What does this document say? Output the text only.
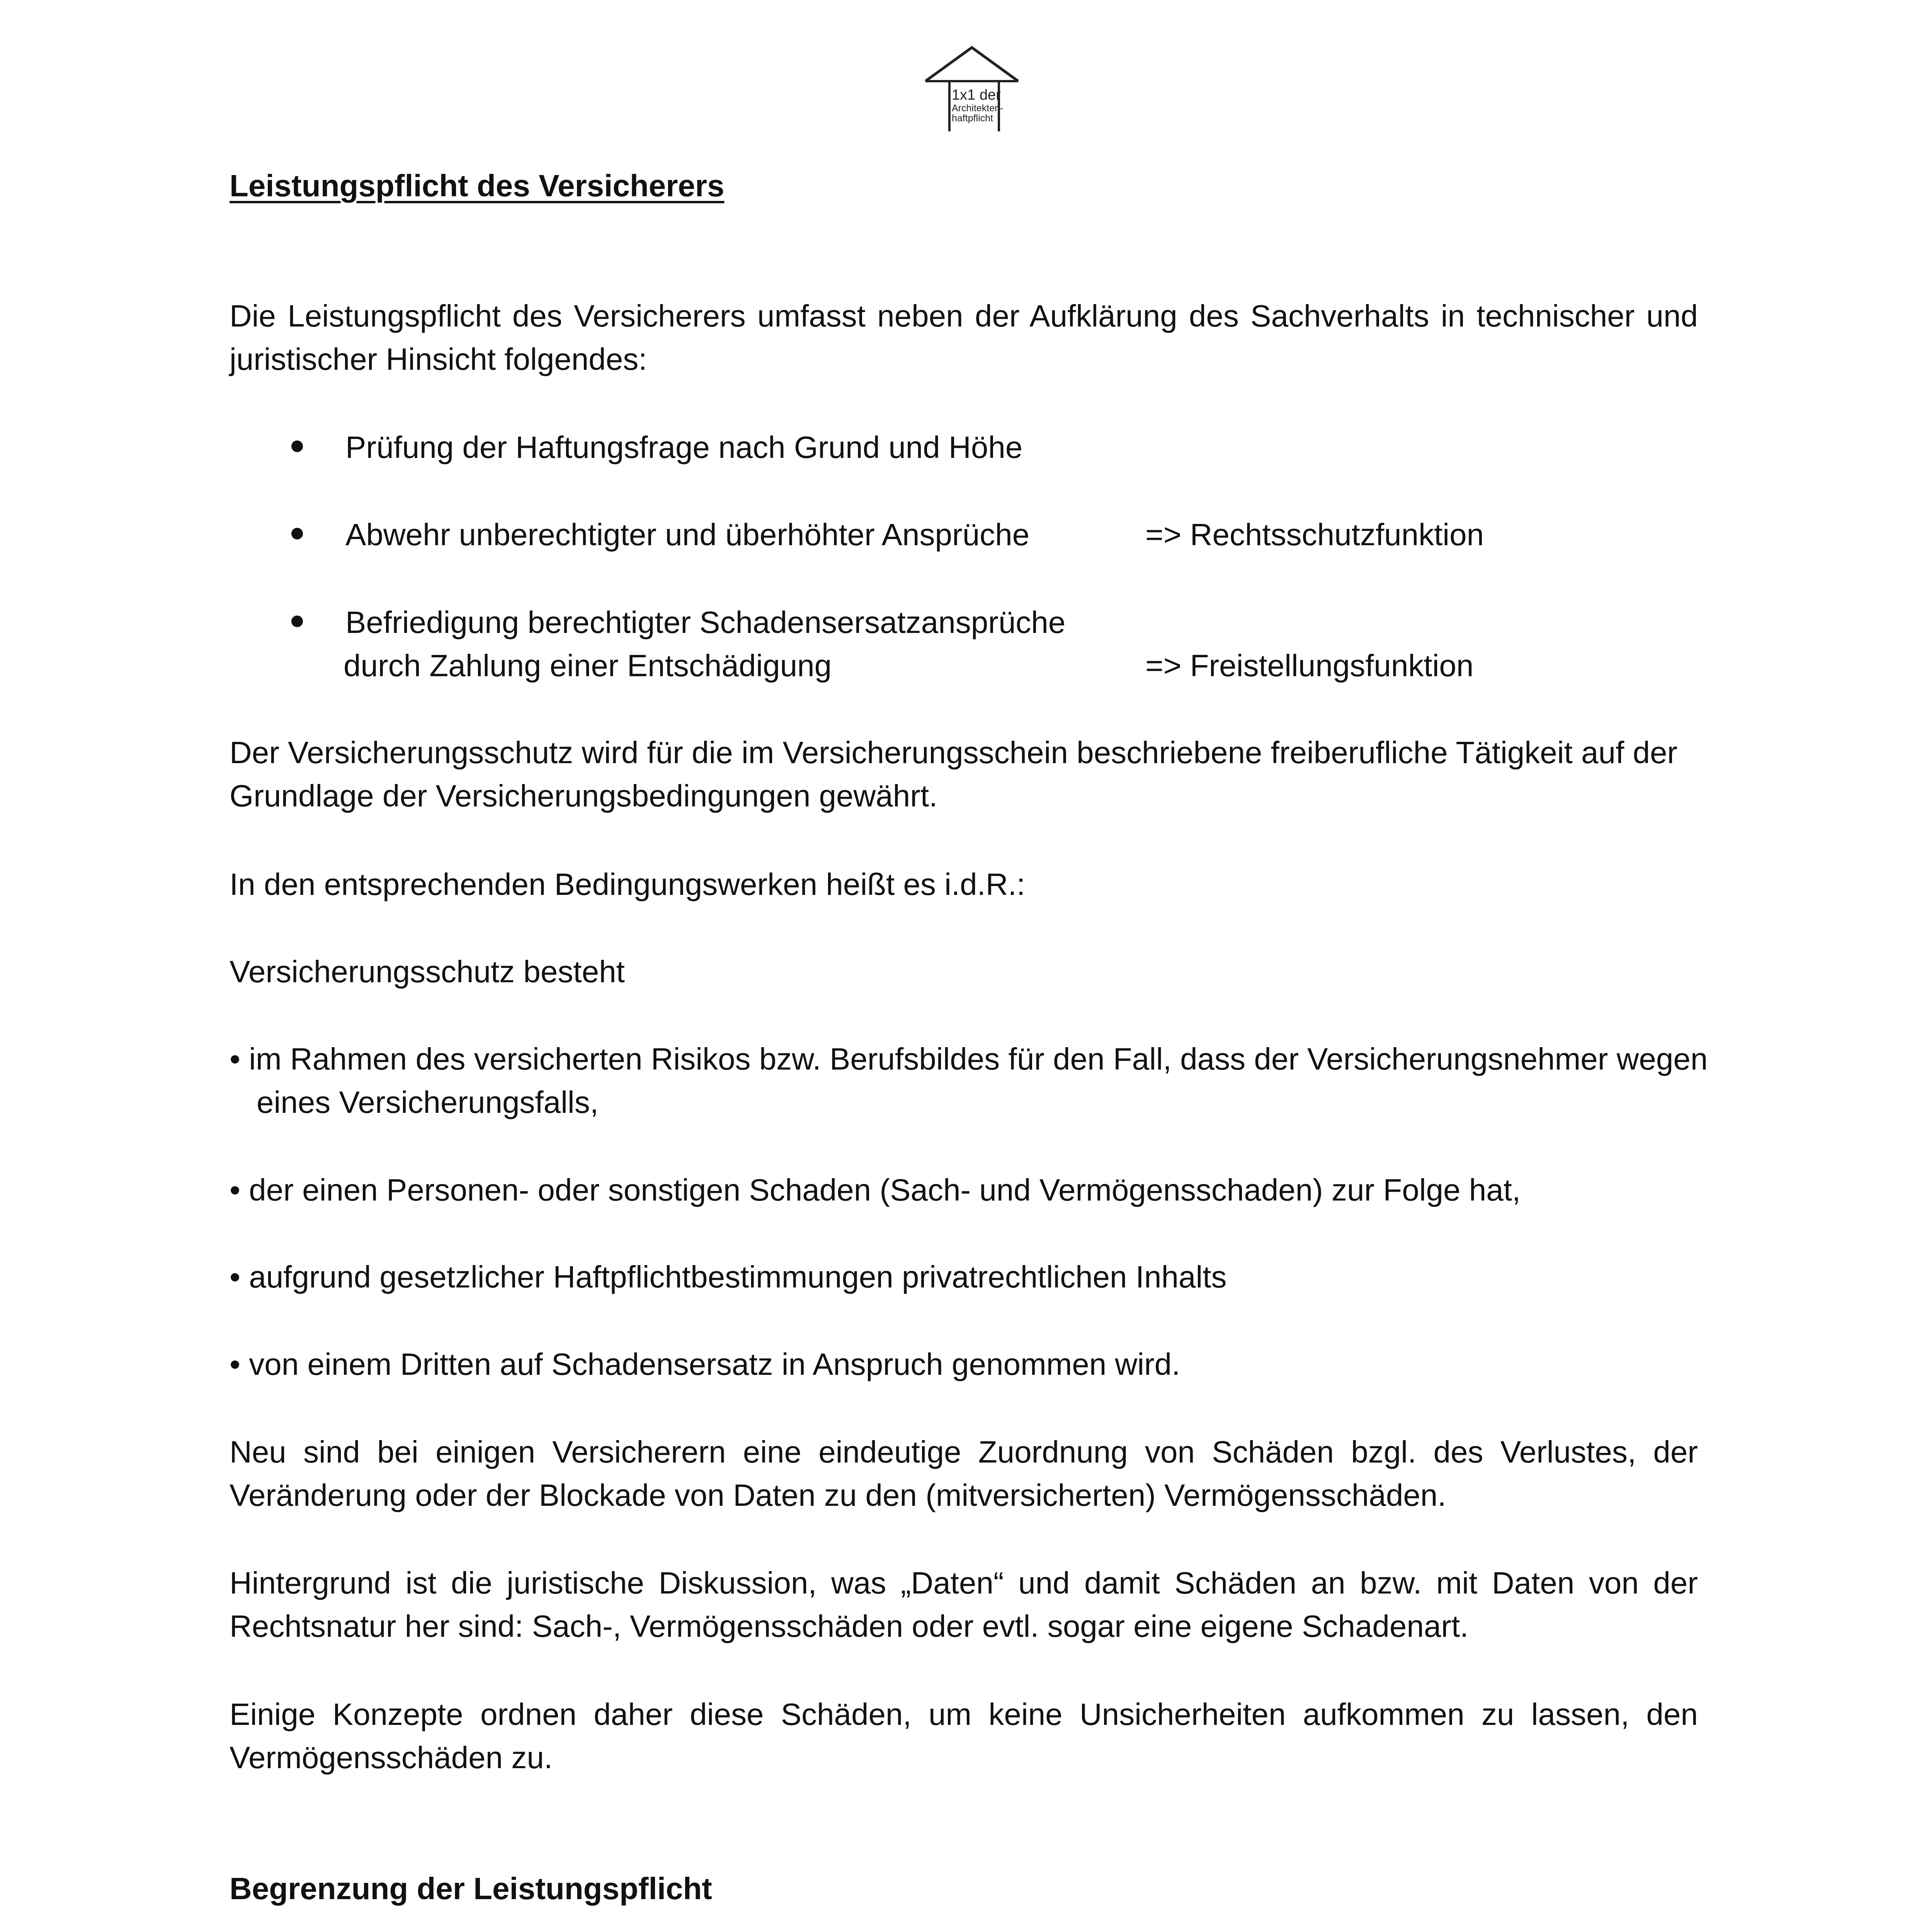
1x1 der
Architekten-
haftpflicht
Leistungspflicht des Versicherers
Die Leistungspflicht des Versicherers umfasst neben der Aufklärung des Sachverhalts in technischer und juristischer Hinsicht folgendes:
Prüfung der Haftungsfrage nach Grund und Höhe
Abwehr unberechtigter und überhöhter Ansprüche	=> Rechtsschutzfunktion
Befriedigung berechtigter Schadensersatzansprüche
durch Zahlung einer Entschädigung	=> Freistellungsfunktion
Der Versicherungsschutz wird für die im Versicherungsschein beschriebene freiberufliche Tätigkeit auf der Grundlage der Versicherungsbedingungen gewährt.
In den entsprechenden Bedingungswerken heißt es i.d.R.:
Versicherungsschutz besteht
• im Rahmen des versicherten Risikos bzw. Berufsbildes für den Fall, dass der Versicherungsnehmer wegen eines Versicherungsfalls,
• der einen Personen- oder sonstigen Schaden (Sach- und Vermögensschaden) zur Folge hat,
• aufgrund gesetzlicher Haftpflichtbestimmungen privatrechtlichen Inhalts
• von einem Dritten auf Schadensersatz in Anspruch genommen wird.
Neu sind bei einigen Versicherern eine eindeutige Zuordnung von Schäden bzgl. des Verlustes, der Veränderung oder der Blockade von Daten zu den (mitversicherten) Vermögensschäden.
Hintergrund ist die juristische Diskussion, was „Daten“ und damit Schäden an bzw. mit Daten von der Rechtsnatur her sind: Sach-, Vermögensschäden oder evtl. sogar eine eigene Schadenart.
Einige Konzepte ordnen daher diese Schäden, um keine Unsicherheiten aufkommen zu lassen, den Vermögensschäden zu.
Begrenzung der Leistungspflicht
